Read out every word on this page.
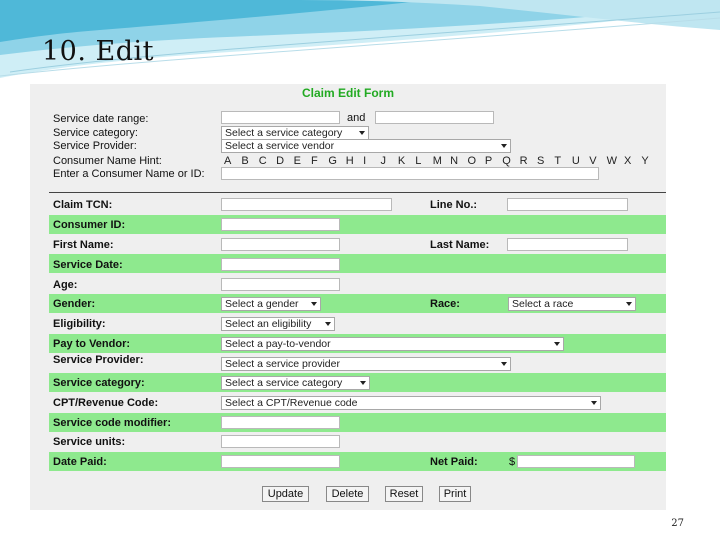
10. Edit
Claim Edit Form
Service date range:	and
Service category:	Select a service category
Service Provider:	Select a service vendor
Consumer Name Hint:	A B C D E F G H I J K L M N O P Q R S T U V W X Y
Enter a Consumer Name or ID:
Claim TCN:	Line No.:
Consumer ID:
First Name:	Last Name:
Service Date:
Age:
Gender:	Select a gender	Race:	Select a race
Eligibility:	Select an eligibility
Pay to Vendor:	Select a pay-to-vendor
Service Provider:	Select a service provider
Service category:	Select a service category
CPT/Revenue Code:	Select a CPT/Revenue code
Service code modifier:
Service units:
Date Paid:	Net Paid:	$
Update	Delete	Reset	Print
27
